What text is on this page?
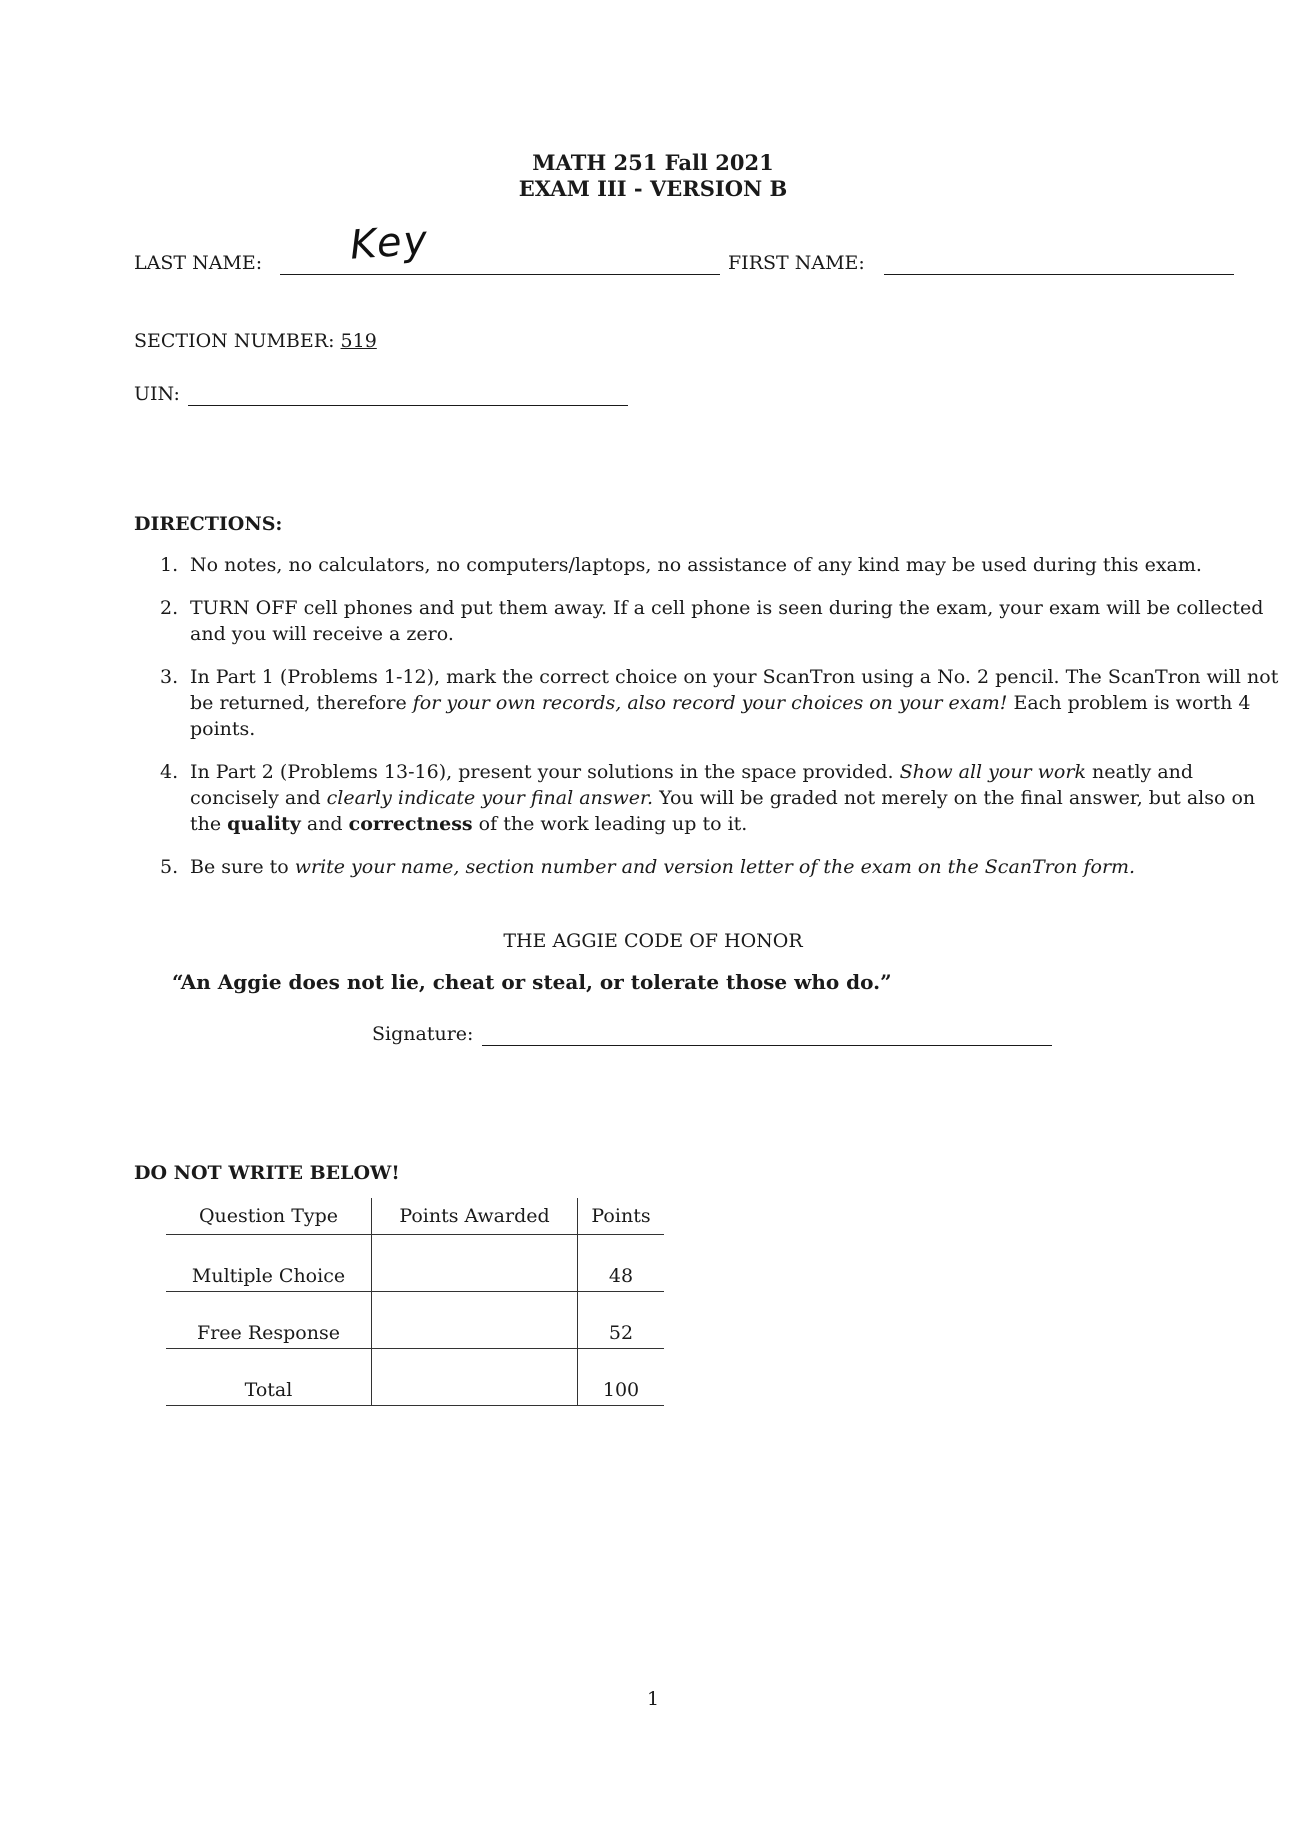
MATH 251 Fall 2021
EXAM III - VERSION B
LAST NAME: Key	FIRST NAME:
SECTION NUMBER: 519
UIN:
DIRECTIONS:
1. No notes, no calculators, no computers/laptops, no assistance of any kind may be used during this exam.
2. TURN OFF cell phones and put them away. If a cell phone is seen during the exam, your exam will be collected and you will receive a zero.
3. In Part 1 (Problems 1-12), mark the correct choice on your ScanTron using a No. 2 pencil. The ScanTron will not be returned, therefore for your own records, also record your choices on your exam! Each problem is worth 4 points.
4. In Part 2 (Problems 13-16), present your solutions in the space provided. Show all your work neatly and concisely and clearly indicate your final answer. You will be graded not merely on the final answer, but also on the quality and correctness of the work leading up to it.
5. Be sure to write your name, section number and version letter of the exam on the ScanTron form.
THE AGGIE CODE OF HONOR
“An Aggie does not lie, cheat or steal, or tolerate those who do.”
Signature:
DO NOT WRITE BELOW!
Question Type	Points Awarded	Points
Multiple Choice		48
Free Response		52
Total		100
1
